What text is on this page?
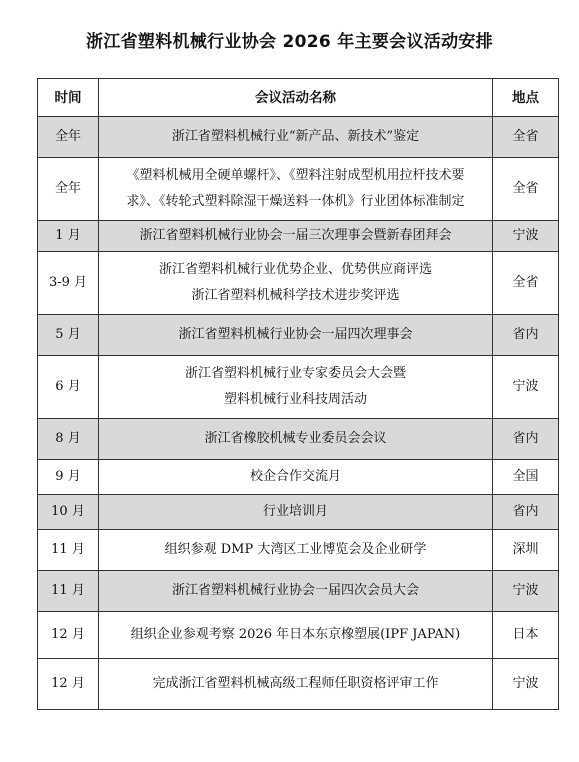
浙江省塑料机械行业协会 2026 年主要会议活动安排
时间	会议活动名称	地点
全年	浙江省塑料机械行业“新产品、新技术”鉴定	全省
全年	《塑料机械用全硬单螺杆》、《塑料注射成型机用拉杆技术要
求》、《转轮式塑料除湿干燥送料一体机》行业团体标准制定	全省
1 月	浙江省塑料机械行业协会一届三次理事会暨新春团拜会	宁波
3-9 月	浙江省塑料机械行业优势企业、优势供应商评选
浙江省塑料机械科学技术进步奖评选	全省
5 月	浙江省塑料机械行业协会一届四次理事会	省内
6 月	浙江省塑料机械行业专家委员会大会暨
塑料机械行业科技周活动	宁波
8 月	浙江省橡胶机械专业委员会会议	省内
9 月	校企合作交流月	全国
10 月	行业培训月	省内
11 月	组织参观 DMP 大湾区工业博览会及企业研学	深圳
11 月	浙江省塑料机械行业协会一届四次会员大会	宁波
12 月	组织企业参观考察 2026 年日本东京橡塑展(IPF JAPAN)	日本
12 月	完成浙江省塑料机械高级工程师任职资格评审工作	宁波
